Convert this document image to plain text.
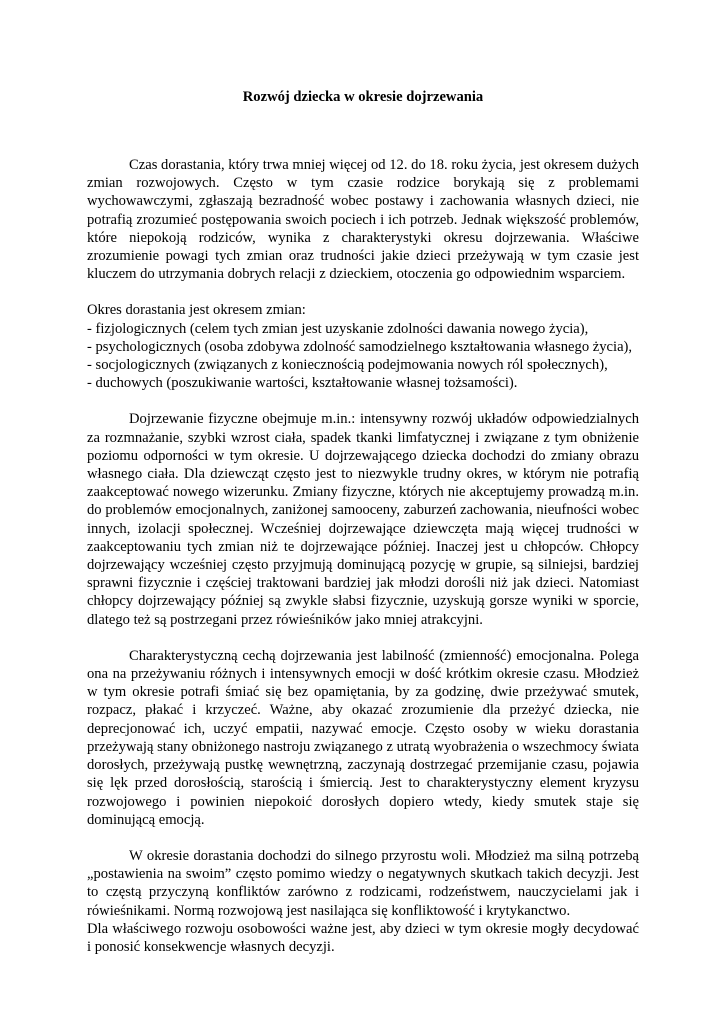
Rozwój dziecka w okresie dojrzewania

Czas dorastania, który trwa mniej więcej od 12. do 18. roku życia, jest okresem dużych zmian rozwojowych. Często w tym czasie rodzice borykają się z problemami wychowawczymi, zgłaszają bezradność wobec postawy i zachowania własnych dzieci, nie potrafią zrozumieć postępowania swoich pociech i ich potrzeb. Jednak większość problemów, które niepokoją rodziców, wynika z charakterystyki okresu dojrzewania. Właściwe zrozumienie powagi tych zmian oraz trudności jakie dzieci przeżywają w tym czasie jest kluczem do utrzymania dobrych relacji z dzieckiem, otoczenia go odpowiednim wsparciem.

Okres dorastania jest okresem zmian:

- fizjologicznych (celem tych zmian jest uzyskanie zdolności dawania nowego życia),

- psychologicznych (osoba zdobywa zdolność samodzielnego kształtowania własnego życia),

- socjologicznych (związanych z koniecznością podejmowania nowych ról społecznych),

- duchowych (poszukiwanie wartości, kształtowanie własnej tożsamości).

Dojrzewanie fizyczne obejmuje m.in.: intensywny rozwój układów odpowiedzialnych za rozmnażanie, szybki wzrost ciała, spadek tkanki limfatycznej i związane z tym obniżenie poziomu odporności w tym okresie. U dojrzewającego dziecka dochodzi do zmiany obrazu własnego ciała. Dla dziewcząt często jest to niezwykle trudny okres, w którym nie potrafią zaakceptować nowego wizerunku. Zmiany fizyczne, których nie akceptujemy prowadzą m.in. do problemów emocjonalnych, zaniżonej samooceny, zaburzeń zachowania, nieufności wobec innych, izolacji społecznej. Wcześniej dojrzewające dziewczęta mają więcej trudności w zaakceptowaniu tych zmian niż te dojrzewające później. Inaczej jest u chłopców. Chłopcy dojrzewający wcześniej często przyjmują dominującą pozycję w grupie, są silniejsi, bardziej sprawni fizycznie i częściej traktowani bardziej jak młodzi dorośli niż jak dzieci. Natomiast chłopcy dojrzewający później są zwykle słabsi fizycznie, uzyskują gorsze wyniki w sporcie, dlatego też są postrzegani przez rówieśników jako mniej atrakcyjni.

Charakterystyczną cechą dojrzewania jest labilność (zmienność) emocjonalna. Polega ona na przeżywaniu różnych i intensywnych emocji w dość krótkim okresie czasu. Młodzież w tym okresie potrafi śmiać się bez opamiętania, by za godzinę, dwie przeżywać smutek, rozpacz, płakać i krzyczeć. Ważne, aby okazać zrozumienie dla przeżyć dziecka, nie deprecjonować ich, uczyć empatii, nazywać emocje. Często osoby w wieku dorastania przeżywają stany obniżonego nastroju związanego z utratą wyobrażenia o wszechmocy świata dorosłych, przeżywają pustkę wewnętrzną, zaczynają dostrzegać przemijanie czasu, pojawia się lęk przed dorosłością, starością i śmiercią. Jest to charakterystyczny element kryzysu rozwojowego i powinien niepokoić dorosłych dopiero wtedy, kiedy smutek staje się dominującą emocją.

W okresie dorastania dochodzi do silnego przyrostu woli. Młodzież ma silną potrzebą „postawienia na swoim” często pomimo wiedzy o negatywnych skutkach takich decyzji. Jest to częstą przyczyną konfliktów zarówno z rodzicami, rodzeństwem, nauczycielami jak i rówieśnikami. Normą rozwojową jest nasilająca się konfliktowość i krytykanctwo.

Dla właściwego rozwoju osobowości ważne jest, aby dzieci w tym okresie mogły decydować i ponosić konsekwencje własnych decyzji.
